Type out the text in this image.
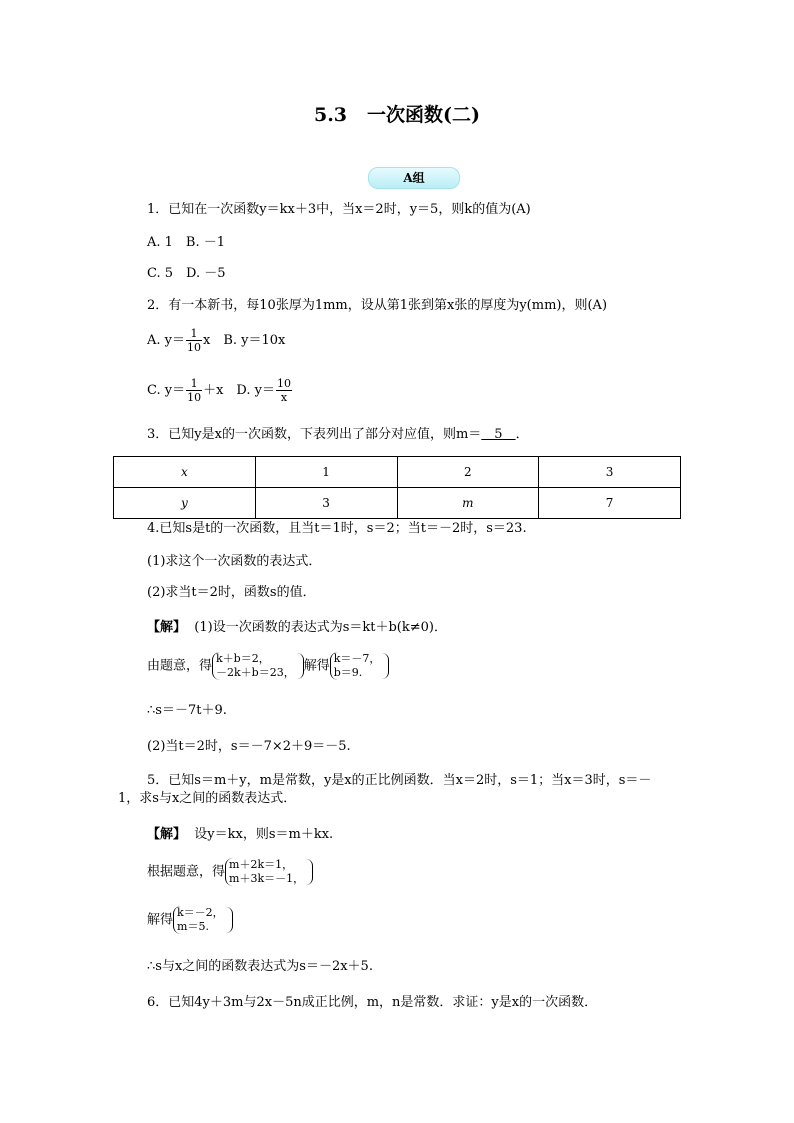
5.3 一次函数(二)
A组
1．已知在一次函数y＝kx＋3中，当x＝2时，y＝5，则k的值为(A)
A. 1　B. －1
C. 5　D. －5
2．有一本新书，每10张厚为1mm，设从第1张到第x张的厚度为y(mm)，则(A)
A. $y= \frac{1}{10}$ x　B. y＝10x
C. $y= \frac{1}{10} +x$　D. $y= \frac{10}{x}$
3．已知y是x的一次函数，下表列出了部分对应值，则m＝　5　．
x	1	2	3
y	3	m	7
4.已知s是t的一次函数，且当t＝1时，s＝2；当t＝－2时，s＝23.
(1)求这个一次函数的表达式．
(2)求当t＝2时，函数s的值．
【解】 (1)设一次函数的表达式为s＝kt＋b(k≠0)．
由题意，得 k＋b＝2，
－2k＋b＝23， 解得 k＝－7，
b＝9.
∴s＝－7t＋9.
(2)当t＝2时，s＝－7×2＋9＝－5.
5．已知s＝m＋y，m是常数，y是x的正比例函数．当x＝2时，s＝1；当x＝3时，s＝－
1，求s与x之间的函数表达式．
【解】 设y＝kx，则s＝m＋kx.
根据题意，得 m＋2k＝1，
m＋3k＝－1，
解得 k＝－2，
m＝5.
∴s与x之间的函数表达式为s＝－2x＋5.
6．已知4y＋3m与2x－5n成正比例，m，n是常数．求证：y是x的一次函数．
